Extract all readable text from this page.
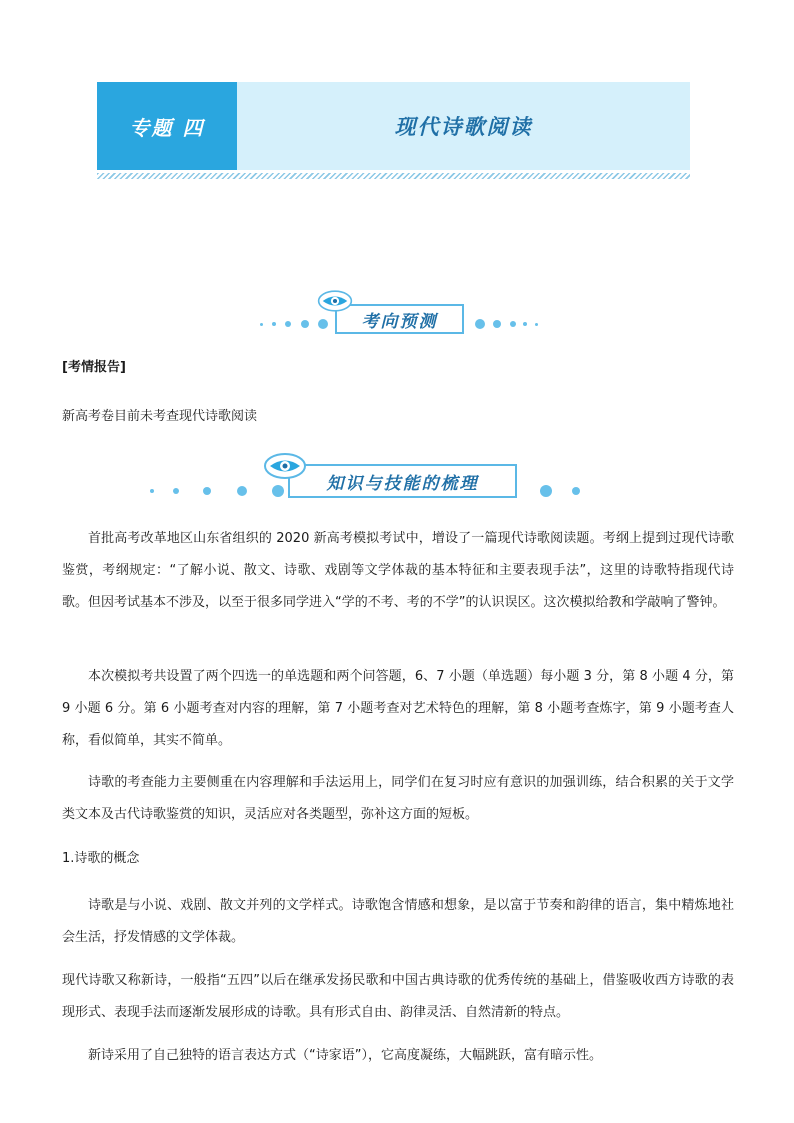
专题 四	现代诗歌阅读
考向预测
[考情报告]
新高考卷目前未考查现代诗歌阅读
知识与技能的梳理
首批高考改革地区山东省组织的 2020 新高考模拟考试中，增设了一篇现代诗歌阅读题。考纲上提到过现代诗歌鉴赏，考纲规定：“了解小说、散文、诗歌、戏剧等文学体裁的基本特征和主要表现手法”，这里的诗歌特指现代诗歌。但因考试基本不涉及，以至于很多同学进入“学的不考、考的不学”的认识误区。这次模拟给教和学敲响了警钟。
本次模拟考共设置了两个四选一的单选题和两个问答题，6、7 小题（单选题）每小题 3 分，第 8 小题 4 分，第 9 小题 6 分。第 6 小题考查对内容的理解，第 7 小题考查对艺术特色的理解，第 8 小题考查炼字，第 9 小题考查人称，看似简单，其实不简单。
诗歌的考查能力主要侧重在内容理解和手法运用上，同学们在复习时应有意识的加强训练，结合积累的关于文学类文本及古代诗歌鉴赏的知识，灵活应对各类题型，弥补这方面的短板。
1.诗歌的概念
诗歌是与小说、戏剧、散文并列的文学样式。诗歌饱含情感和想象，是以富于节奏和韵律的语言，集中精炼地社会生活，抒发情感的文学体裁。
现代诗歌又称新诗，一般指“五四”以后在继承发扬民歌和中国古典诗歌的优秀传统的基础上，借鉴吸收西方诗歌的表现形式、表现手法而逐渐发展形成的诗歌。具有形式自由、韵律灵活、自然清新的特点。
新诗采用了自己独特的语言表达方式（“诗家语”），它高度凝练，大幅跳跃，富有暗示性。
